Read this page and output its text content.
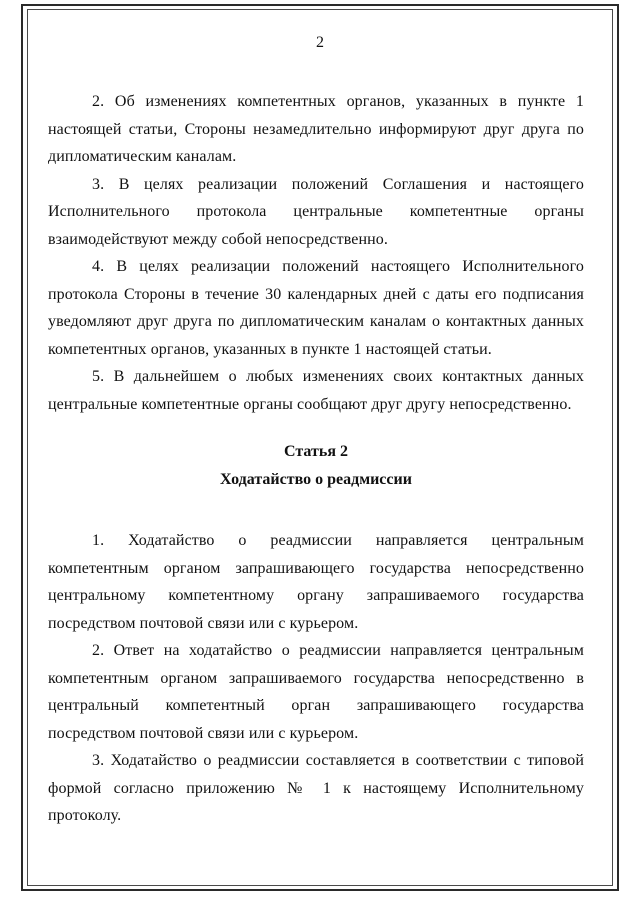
2

2. Об изменениях компетентных органов, указанных в пункте 1 настоящей статьи, Стороны незамедлительно информируют друг друга по дипломатическим каналам.

3. В целях реализации положений Соглашения и настоящего Исполнительного протокола центральные компетентные органы взаимодействуют между собой непосредственно.

4. В целях реализации положений настоящего Исполнительного протокола Стороны в течение 30 календарных дней с даты его подписания уведомляют друг друга по дипломатическим каналам о контактных данных компетентных органов, указанных в пункте 1 настоящей статьи.

5. В дальнейшем о любых изменениях своих контактных данных центральные компетентные органы сообщают друг другу непосредственно.

Статья 2

Ходатайство о реадмиссии

1. Ходатайство о реадмиссии направляется центральным компетентным органом запрашивающего государства непосредственно центральному компетентному органу запрашиваемого государства посредством почтовой связи или с курьером.

2. Ответ на ходатайство о реадмиссии направляется центральным компетентным органом запрашиваемого государства непосредственно в центральный компетентный орган запрашивающего государства посредством почтовой связи или с курьером.

3. Ходатайство о реадмиссии составляется в соответствии с типовой формой согласно приложению № 1 к настоящему Исполнительному протоколу.
